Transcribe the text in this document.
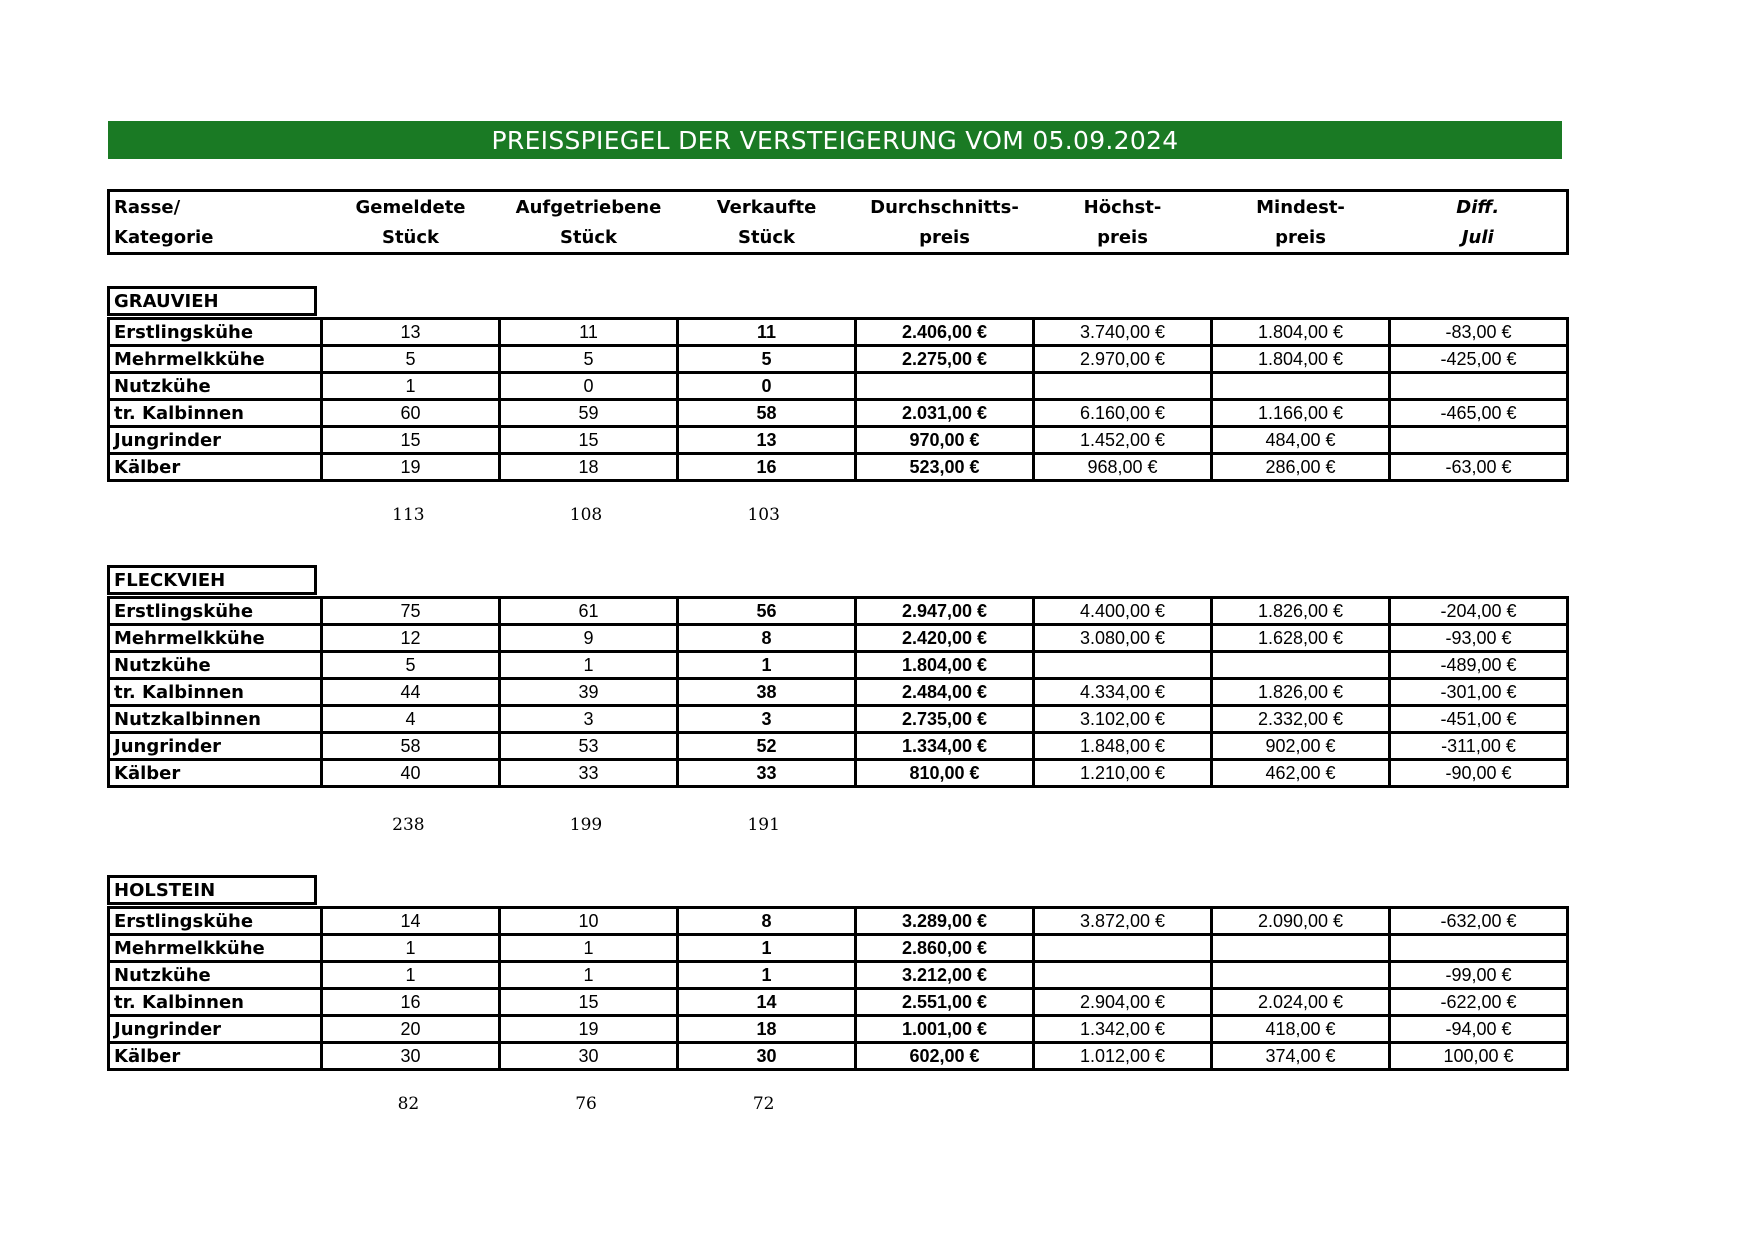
PREISSPIEGEL DER VERSTEIGERUNG VOM 05.09.2024
Rasse/	Gemeldete	Aufgetriebene	Verkaufte	Durchschnitts-	Höchst-	Mindest-	Diff.
Kategorie	Stück	Stück	Stück	preis	preis	preis	Juli
GRAUVIEH
Erstlingskühe	13	11	11	2.406,00 €	3.740,00 €	1.804,00 €	-83,00 €
Mehrmelkkühe	5	5	5	2.275,00 €	2.970,00 €	1.804,00 €	-425,00 €
Nutzkühe	1	0	0				
tr. Kalbinnen	60	59	58	2.031,00 €	6.160,00 €	1.166,00 €	-465,00 €
Jungrinder	15	15	13	970,00 €	1.452,00 €	484,00 €	
Kälber	19	18	16	523,00 €	968,00 €	286,00 €	-63,00 €
113	108	103
FLECKVIEH
Erstlingskühe	75	61	56	2.947,00 €	4.400,00 €	1.826,00 €	-204,00 €
Mehrmelkkühe	12	9	8	2.420,00 €	3.080,00 €	1.628,00 €	-93,00 €
Nutzkühe	5	1	1	1.804,00 €			-489,00 €
tr. Kalbinnen	44	39	38	2.484,00 €	4.334,00 €	1.826,00 €	-301,00 €
Nutzkalbinnen	4	3	3	2.735,00 €	3.102,00 €	2.332,00 €	-451,00 €
Jungrinder	58	53	52	1.334,00 €	1.848,00 €	902,00 €	-311,00 €
Kälber	40	33	33	810,00 €	1.210,00 €	462,00 €	-90,00 €
238	199	191
HOLSTEIN
Erstlingskühe	14	10	8	3.289,00 €	3.872,00 €	2.090,00 €	-632,00 €
Mehrmelkkühe	1	1	1	2.860,00 €			
Nutzkühe	1	1	1	3.212,00 €			-99,00 €
tr. Kalbinnen	16	15	14	2.551,00 €	2.904,00 €	2.024,00 €	-622,00 €
Jungrinder	20	19	18	1.001,00 €	1.342,00 €	418,00 €	-94,00 €
Kälber	30	30	30	602,00 €	1.012,00 €	374,00 €	100,00 €
82	76	72
